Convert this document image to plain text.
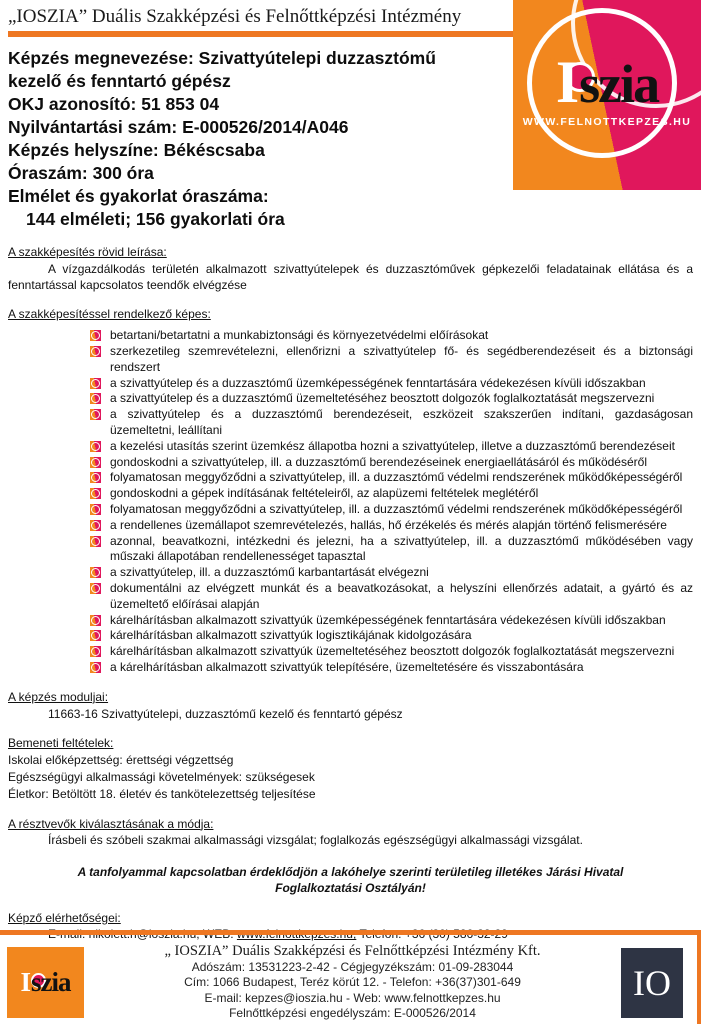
„IOSZIA” Duális Szakképzési és Felnőttképzési Intézmény
Iszia
WWW.FELNOTTKEPZES.HU
Képzés megnevezése: Szivattyútelepi duzzasztómű
kezelő és fenntartó gépész
OKJ azonosító: 51 853 04
Nyilvántartási szám: E-000526/2014/A046
Képzés helyszíne: Békéscsaba
Óraszám: 300 óra
Elmélet és gyakorlat óraszáma:
144 elméleti; 156 gyakorlati óra
A szakképesítés rövid leírása:
A vízgazdálkodás területén alkalmazott szivattyútelepek és duzzasztóművek gépkezelői feladatainak ellátása és a fenntartással kapcsolatos teendők elvégzése
A szakképesítéssel rendelkező képes:
betartani/betartatni a munkabiztonsági és környezetvédelmi előírásokat
szerkezetileg szemrevételezni, ellenőrizni a szivattyútelep fő- és segédberendezéseit és a biztonsági rendszert
a szivattyútelep és a duzzasztómű üzemképességének fenntartására védekezésen kívüli időszakban
a szivattyútelep és a duzzasztómű üzemeltetéséhez beosztott dolgozók foglalkoztatását megszervezni
a szivattyútelep és a duzzasztómű berendezéseit, eszközeit szakszerűen indítani, gazdaságosan üzemeltetni, leállítani
a kezelési utasítás szerint üzemkész állapotba hozni a szivattyútelep, illetve a duzzasztómű berendezéseit
gondoskodni a szivattyútelep, ill. a duzzasztómű berendezéseinek energiaellátásáról és működéséről
folyamatosan meggyőződni a szivattyútelep, ill. a duzzasztómű védelmi rendszerének működőképességéről
gondoskodni a gépek indításának feltételeiről, az alapüzemi feltételek meglétéről
folyamatosan meggyőződni a szivattyútelep, ill. a duzzasztómű védelmi rendszerének működőképességéről
a rendellenes üzemállapot szemrevételezés, hallás, hő érzékelés és mérés alapján történő felismerésére
azonnal, beavatkozni, intézkedni és jelezni, ha a szivattyútelep, ill. a duzzasztómű működésében vagy műszaki állapotában rendellenességet tapasztal
a szivattyútelep, ill. a duzzasztómű karbantartását elvégezni
dokumentálni az elvégzett munkát és a beavatkozásokat, a helyszíni ellenőrzés adatait, a gyártó és az üzemeltető előírásai alapján
kárelhárításban alkalmazott szivattyúk üzemképességének fenntartására védekezésen kívüli időszakban
kárelhárításban alkalmazott szivattyúk logisztikájának kidolgozására
kárelhárításban alkalmazott szivattyúk üzemeltetéséhez beosztott dolgozók foglalkoztatását megszervezni
a kárelhárításban alkalmazott szivattyúk telepítésére, üzemeltetésére és visszabontására
A képzés moduljai:
11663-16 Szivattyútelepi, duzzasztómű kezelő és fenntartó gépész
Bemeneti feltételek:
Iskolai előképzettség: érettségi végzettség
Egészségügyi alkalmassági követelmények: szükségesek
Életkor: Betöltött 18. életév és tankötelezettség teljesítése
A résztvevők kiválasztásának a módja:
Írásbeli és szóbeli szakmai alkalmassági vizsgálat; foglalkozás egészségügyi alkalmassági vizsgálat.
A tanfolyammal kapcsolatban érdeklődjön a lakóhelye szerinti területileg illetékes Járási Hivatal Foglalkoztatási Osztályán!
Képző elérhetőségei:
Iszia
„ IOSZIA” Duális Szakképzési és Felnőttképzési Intézmény Kft.
Adószám: 13531223-2-42 - Cégjegyzékszám: 01-09-283044
Cím: 1066 Budapest, Teréz körút 12. - Telefon: +36(37)301-649
E-mail: kepzes@ioszia.hu - Web: www.felnottkepzes.hu
Felnőttképzési engedélyszám: E-000526/2014
IO
